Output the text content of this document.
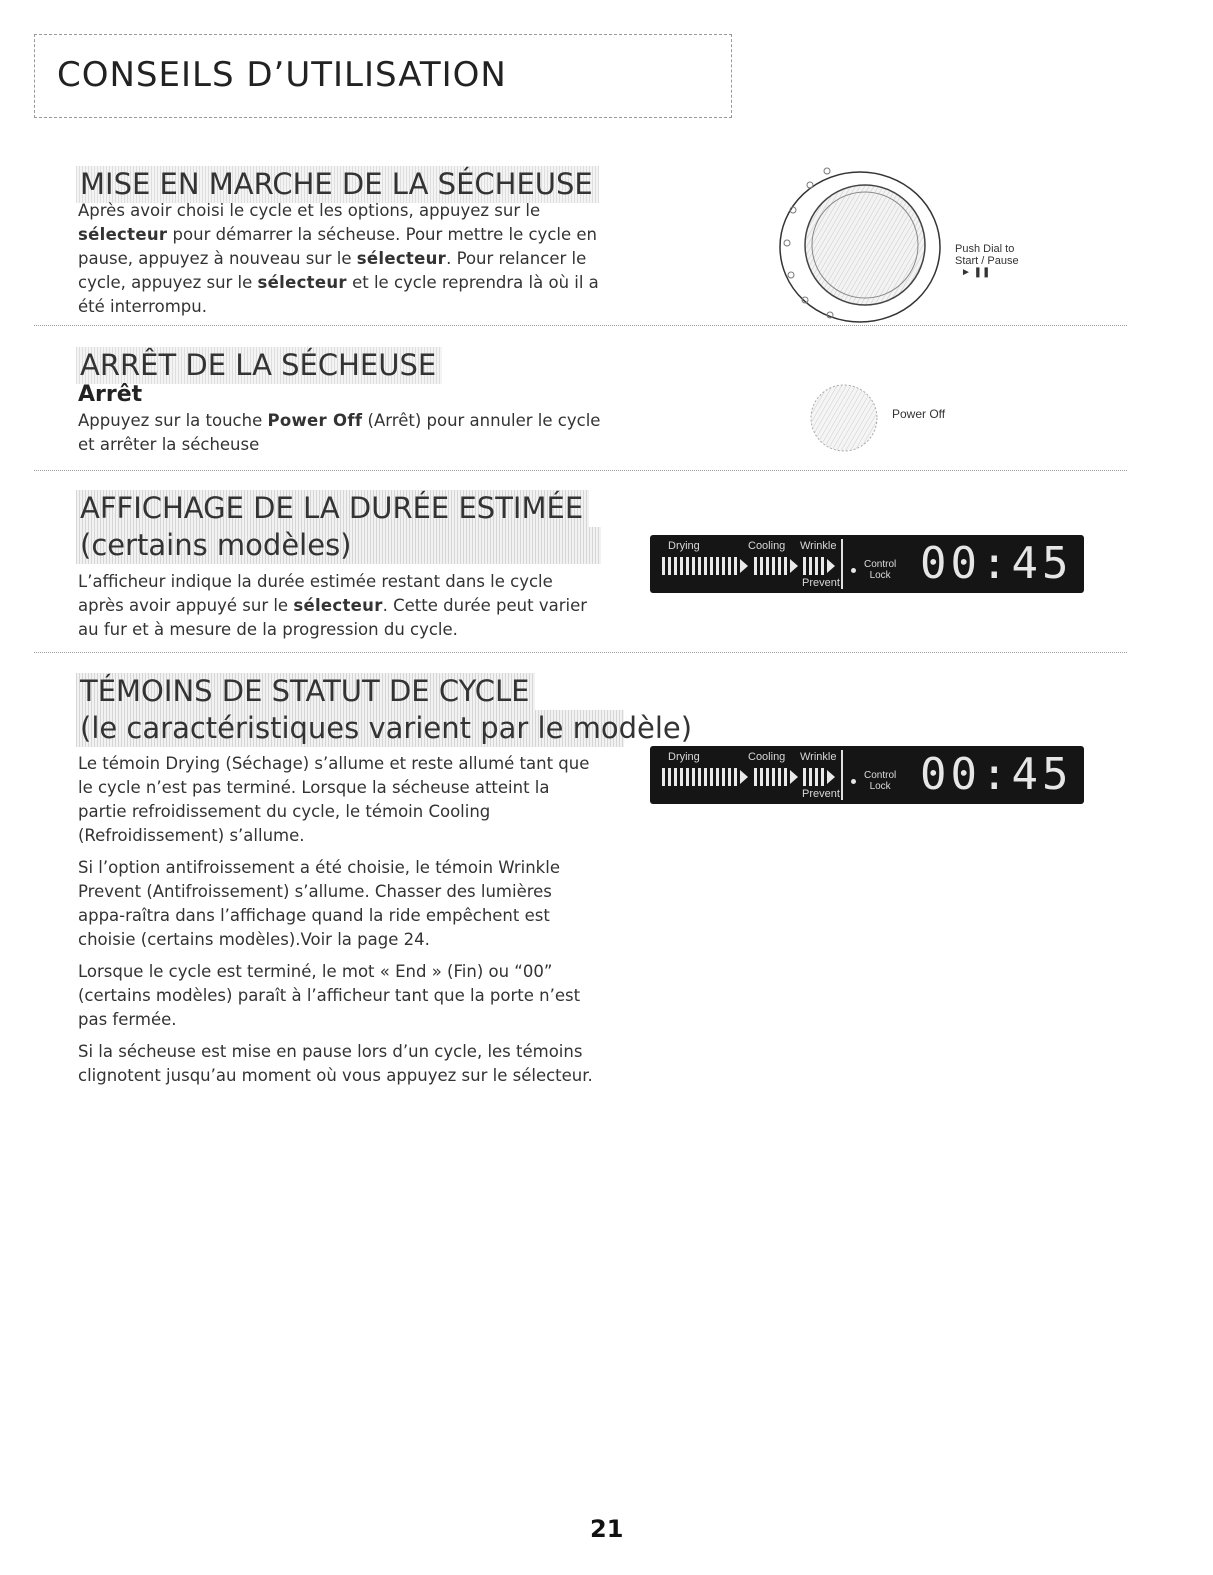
CONSEILS D’UTILISATION
MISE EN MARCHE DE LA SÉCHEUSE

Après avoir choisi le cycle et les options, appuyez sur le sélecteur pour démarrer la sécheuse. Pour mettre le cycle en pause, appuyez à nouveau sur le sélecteur. Pour relancer le cycle, appuyez sur le sélecteur et le cycle reprendra là où il a été interrompu.

Push Dial to
Start / Pause
► ❚❚
ARRÊT DE LA SÉCHEUSE
Arrêt

Appuyez sur la touche Power Off (Arrêt) pour annuler le cycle et arrêter la sécheuse

Power Off
AFFICHAGE DE LA DURÉE ESTIMÉE
(certains modèles)

L’afficheur indique la durée estimée restant dans le cycle après avoir appuyé sur le sélecteur. Cette durée peut varier au fur et à mesure de la progression du cycle.

Drying	Cooling Wrinkle
Prevent
Control
Lock 00:45
TÉMOINS DE STATUT DE CYCLE
(le caractéristiques varient par le modèle)

Le témoin Drying (Séchage) s’allume et reste allumé tant que le cycle n’est pas terminé. Lorsque la sécheuse atteint la partie refroidissement du cycle, le témoin Cooling (Refroidissement) s’allume.

Si l’option antifroissement a été choisie, le témoin Wrinkle Prevent (Antifroissement) s’allume. Chasser des lumières appa-raîtra dans l’affichage quand la ride empêchent est choisie (certains modèles).Voir la page 24.

Lorsque le cycle est terminé, le mot « End » (Fin) ou “00” (certains modèles) paraît à l’afficheur tant que la porte n’est pas fermée.

Si la sécheuse est mise en pause lors d’un cycle, les témoins clignotent jusqu’au moment où vous appuyez sur le sélecteur.

Drying	Cooling Wrinkle
Prevent
Control
Lock 00:45
21
